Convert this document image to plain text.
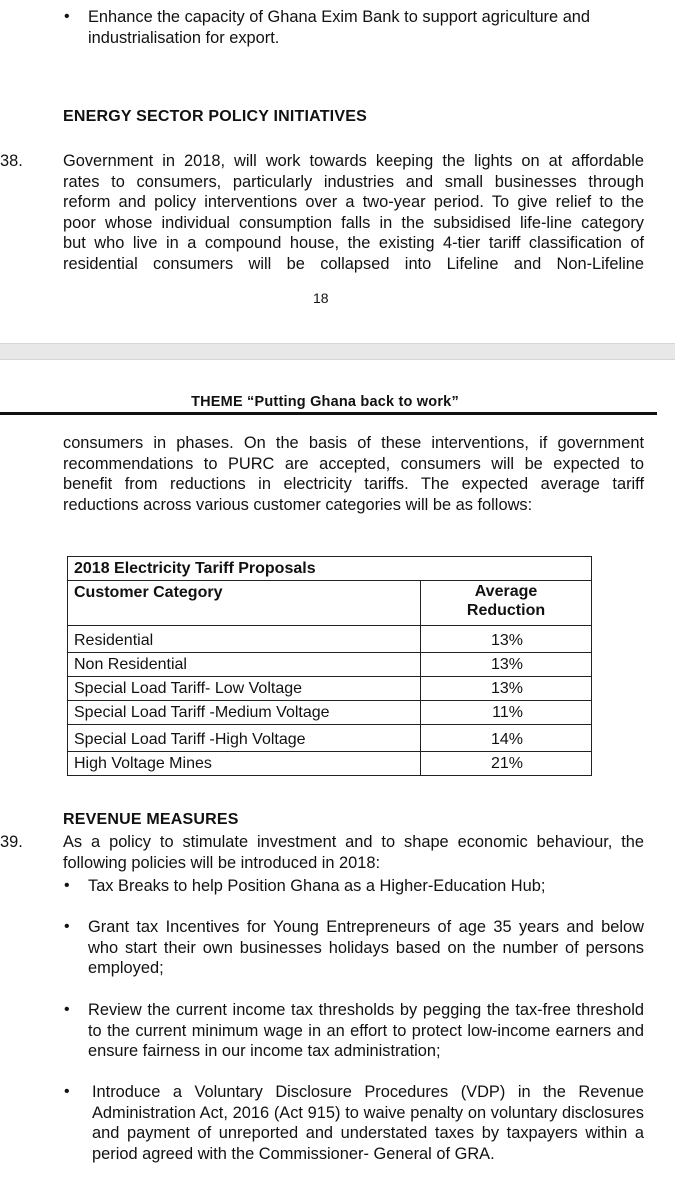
• Enhance the capacity of Ghana Exim Bank to support agriculture and industrialisation for export.
ENERGY SECTOR POLICY INITIATIVES
38. Government in 2018, will work towards keeping the lights on at affordable
rates to consumers, particularly industries and small businesses through
reform and policy interventions over a two-year period. To give relief to the
poor whose individual consumption falls in the subsidised life-line category
but who live in a compound house, the existing 4-tier tariff classification of
residential consumers will be collapsed into Lifeline and Non-Lifeline
18
THEME “Putting Ghana back to work”
consumers in phases. On the basis of these interventions, if government recommendations to PURC are accepted, consumers will be expected to benefit from reductions in electricity tariffs. The expected average tariff reductions across various customer categories will be as follows:
2018 Electricity Tariff Proposals	
Customer Category	Average
Reduction

Residential	13%
Non Residential	13%
Special Load Tariff- Low Voltage	13%
Special Load Tariff -Medium Voltage	11%
Special Load Tariff -High Voltage	14%
High Voltage Mines	21%
REVENUE MEASURES
39. As a policy to stimulate investment and to shape economic behaviour, the following policies will be introduced in 2018:
• Tax Breaks to help Position Ghana as a Higher-Education Hub;
• Grant tax Incentives for Young Entrepreneurs of age 35 years and below who start their own businesses holidays based on the number of persons employed;
• Review the current income tax thresholds by pegging the tax-free threshold to the current minimum wage in an effort to protect low-income earners and ensure fairness in our income tax administration;
• Introduce a Voluntary Disclosure Procedures (VDP) in the Revenue Administration Act, 2016 (Act 915) to waive penalty on voluntary disclosures and payment of unreported and understated taxes by taxpayers within a period agreed with the Commissioner- General of GRA.
